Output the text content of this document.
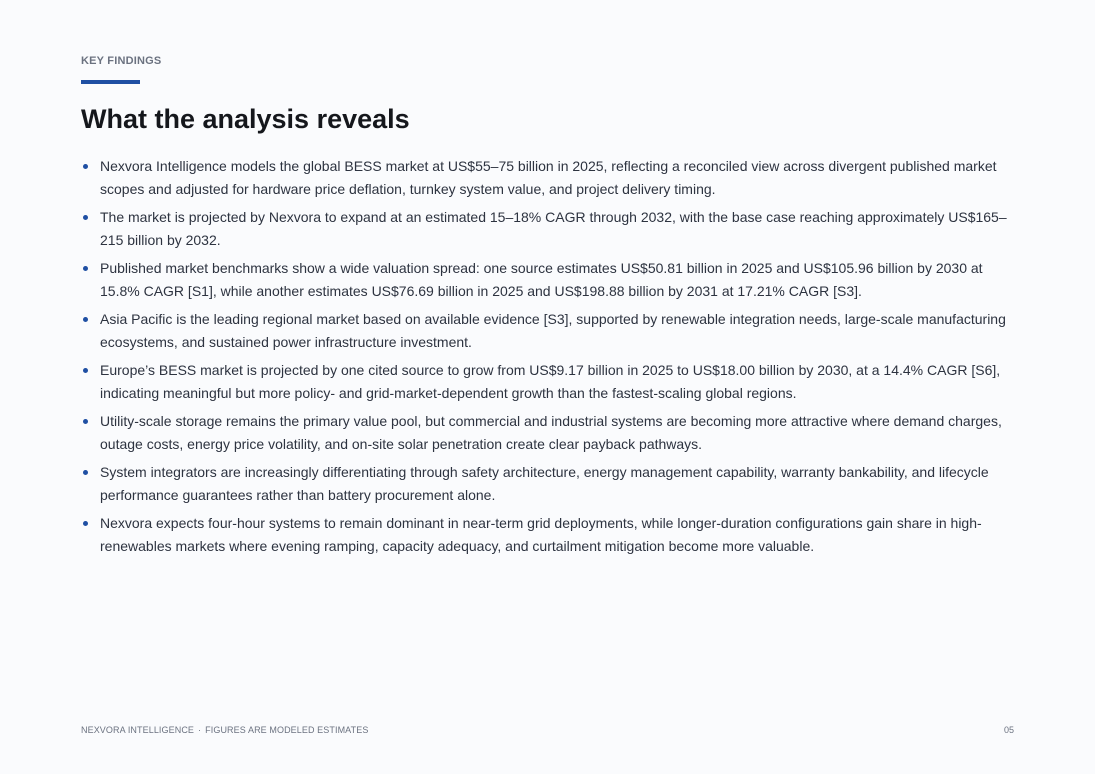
KEY FINDINGS
What the analysis reveals
Nexvora Intelligence models the global BESS market at US$55–75 billion in 2025, reflecting a reconciled view across divergent published market scopes and adjusted for hardware price deflation, turnkey system value, and project delivery timing.
The market is projected by Nexvora to expand at an estimated 15–18% CAGR through 2032, with the base case reaching approximately US$165–215 billion by 2032.
Published market benchmarks show a wide valuation spread: one source estimates US$50.81 billion in 2025 and US$105.96 billion by 2030 at 15.8% CAGR [S1], while another estimates US$76.69 billion in 2025 and US$198.88 billion by 2031 at 17.21% CAGR [S3].
Asia Pacific is the leading regional market based on available evidence [S3], supported by renewable integration needs, large-scale manufacturing ecosystems, and sustained power infrastructure investment.
Europe’s BESS market is projected by one cited source to grow from US$9.17 billion in 2025 to US$18.00 billion by 2030, at a 14.4% CAGR [S6], indicating meaningful but more policy- and grid-market-dependent growth than the fastest-scaling global regions.
Utility-scale storage remains the primary value pool, but commercial and industrial systems are becoming more attractive where demand charges, outage costs, energy price volatility, and on-site solar penetration create clear payback pathways.
System integrators are increasingly differentiating through safety architecture, energy management capability, warranty bankability, and lifecycle performance guarantees rather than battery procurement alone.
Nexvora expects four-hour systems to remain dominant in near-term grid deployments, while longer-duration configurations gain share in high-renewables markets where evening ramping, capacity adequacy, and curtailment mitigation become more valuable.
NEXVORA INTELLIGENCE · FIGURES ARE MODELED ESTIMATES	05
